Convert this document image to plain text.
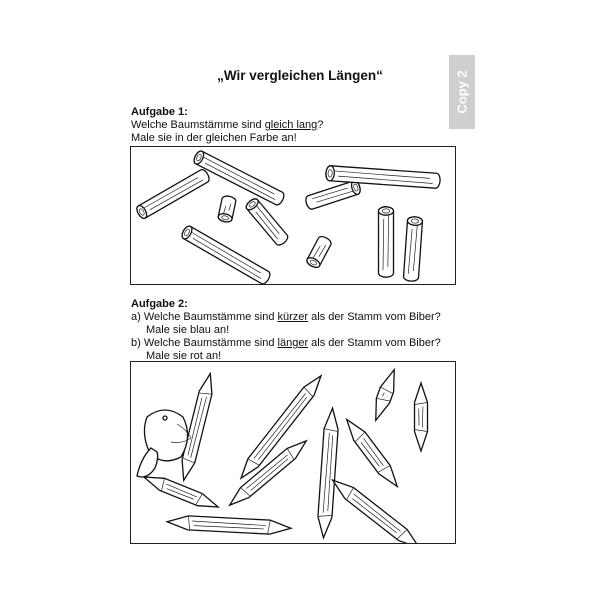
Copy 2
„Wir vergleichen Längen“
Aufgabe 1:
Welche Baumstämme sind gleich lang?
Male sie in der gleichen Farbe an!
Aufgabe 2:
a) Welche Baumstämme sind kürzer als der Stamm vom Biber?
Male sie blau an!
b) Welche Baumstämme sind länger als der Stamm vom Biber?
Male sie rot an!
